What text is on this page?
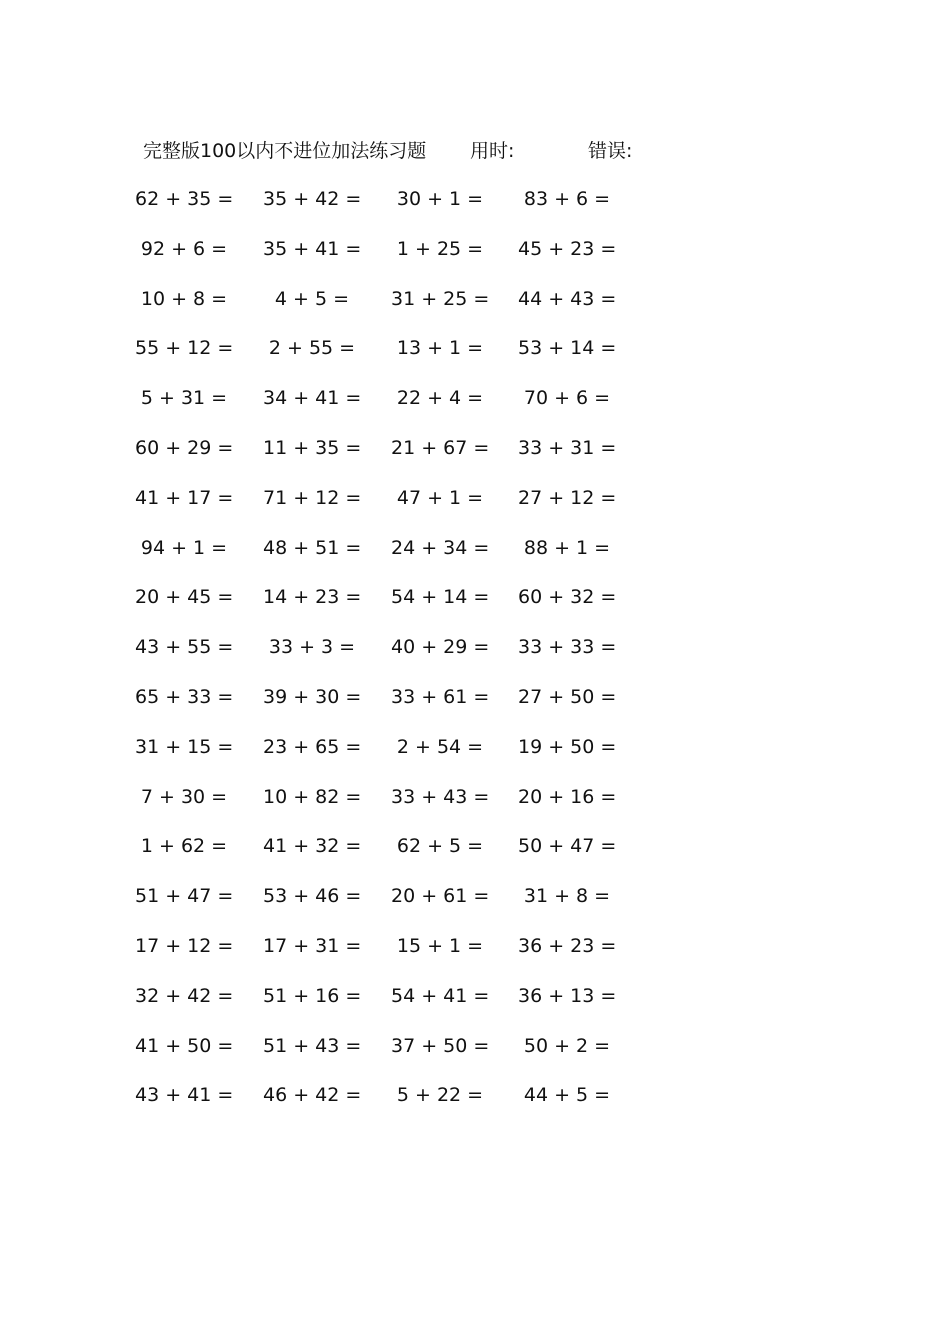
完整版100以内不进位加法练习题 用时:	错误:
62 + 35 = 35 + 42 =	30 + 1 =	83 + 6 =
92 + 6 =	35 + 41 =	1 + 25 =	45 + 23 =
10 + 8 =	4 + 5 =	31 + 25 = 44 + 43 =
55 + 12 =	2 + 55 =	13 + 1 =	53 + 14 =
5 + 31 =	34 + 41 =	22 + 4 =	70 + 6 =
60 + 29 = 11 + 35 = 21 + 67 = 33 + 31 =
41 + 17 = 71 + 12 =	47 + 1 =	27 + 12 =
94 + 1 =	48 + 51 = 24 + 34 =	88 + 1 =
20 + 45 = 14 + 23 = 54 + 14 = 60 + 32 =
43 + 55 =	33 + 3 =	40 + 29 = 33 + 33 =
65 + 33 = 39 + 30 = 33 + 61 = 27 + 50 =
31 + 15 = 23 + 65 =	2 + 54 =	19 + 50 =
7 + 30 =	10 + 82 = 33 + 43 = 20 + 16 =
1 + 62 =	41 + 32 =	62 + 5 =	50 + 47 =
51 + 47 = 53 + 46 = 20 + 61 =	31 + 8 =
17 + 12 = 17 + 31 =	15 + 1 =	36 + 23 =
32 + 42 = 51 + 16 = 54 + 41 = 36 + 13 =
41 + 50 = 51 + 43 = 37 + 50 =	50 + 2 =
43 + 41 = 46 + 42 =	5 + 22 =	44 + 5 =
